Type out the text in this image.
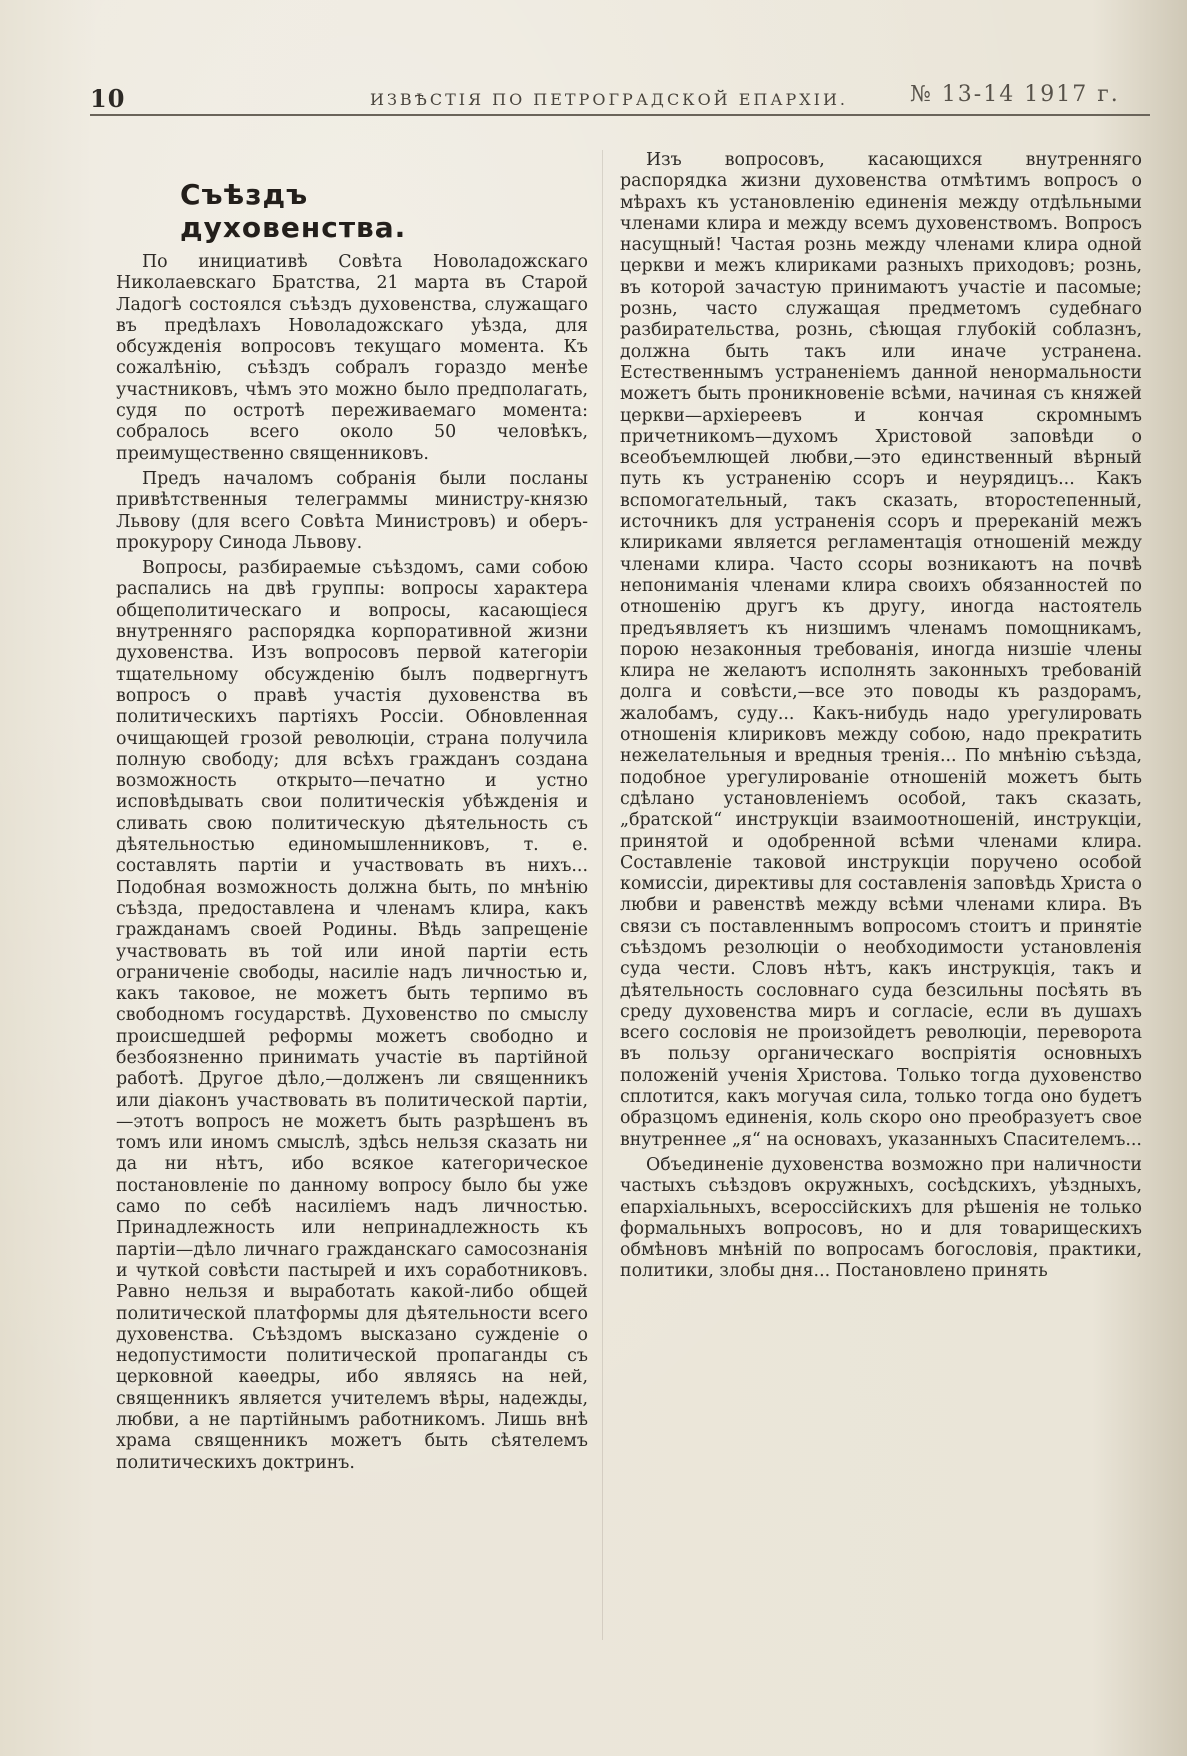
10	ИЗВѢСТІЯ ПО ПЕТРОГРАДСКОЙ ЕПАРХІИ.	№ 13-14 1917 г.
Съѣздъ духовенства.

По инициативѣ Совѣта Новоладожскаго Николаевскаго Братства, 21 марта въ Старой Ладогѣ состоялся съѣздъ духовенства, служащаго въ предѣлахъ Новоладожскаго уѣзда, для обсужденія вопросовъ текущаго момента. Къ сожалѣнію, съѣздъ собралъ гораздо менѣе участниковъ, чѣмъ это можно было предполагать, судя по остротѣ переживаемаго момента: собралось всего около 50 человѣкъ, преимущественно священниковъ.

Предъ началомъ собранія были посланы привѣтственныя телеграммы министру-князю Львову (для всего Совѣта Министровъ) и оберъ-прокурору Синода Львову.

Вопросы, разбираемые съѣздомъ, сами собою распались на двѣ группы: вопросы характера общеполитическаго и вопросы, касающіеся внутренняго распорядка корпоративной жизни духовенства. Изъ вопросовъ первой категоріи тщательному обсужденію былъ подвергнутъ вопросъ о правѣ участія духовенства въ политическихъ партіяхъ Россіи. Обновленная очищающей грозой революціи, страна получила полную свободу; для всѣхъ гражданъ создана возможность открыто—печатно и устно исповѣдывать свои политическія убѣжденія и сливать свою политическую дѣятельность съ дѣятельностью единомышленниковъ, т. е. составлять партіи и участвовать въ нихъ... Подобная возможность должна быть, по мнѣнію съѣзда, предоставлена и членамъ клира, какъ гражданамъ своей Родины. Вѣдь запрещеніе участвовать въ той или иной партіи есть ограниченіе свободы, насиліе надъ личностью и, какъ таковое, не можетъ быть терпимо въ свободномъ государствѣ. Духовенство по смыслу происшедшей реформы можетъ свободно и безбоязненно принимать участіе въ партійной работѣ. Другое дѣло,—долженъ ли священникъ или діаконъ участвовать въ политической партіи,—этотъ вопросъ не можетъ быть разрѣшенъ въ томъ или иномъ смыслѣ, здѣсь нельзя сказать ни да ни нѣтъ, ибо всякое категорическое постановленіе по данному вопросу было бы уже само по себѣ насиліемъ надъ личностью. Принадлежность или непринадлежность къ партіи—дѣло личнаго гражданскаго самосознанія и чуткой совѣсти пастырей и ихъ соработниковъ. Равно нельзя и выработать какой-либо общей политической платформы для дѣятельности всего духовенства. Съѣздомъ высказано сужденіе о недопустимости политической пропаганды съ церковной каѳедры, ибо являясь на ней, священникъ является учителемъ вѣры, надежды, любви, а не партійнымъ работникомъ. Лишь внѣ храма священникъ можетъ быть сѣятелемъ политическихъ доктринъ.

Изъ вопросовъ, касающихся внутренняго распорядка жизни духовенства отмѣтимъ вопросъ о мѣрахъ къ установленію единенія между отдѣльными членами клира и между всемъ духовенствомъ. Вопросъ насущный! Частая рознь между членами клира одной церкви и межъ клириками разныхъ приходовъ; рознь, въ которой зачастую принимаютъ участіе и пасомые; рознь, часто служащая предметомъ судебнаго разбирательства, рознь, сѣющая глубокій соблазнъ, должна быть такъ или иначе устранена. Естественнымъ устраненіемъ данной ненормальности можетъ быть проникновеніе всѣми, начиная съ княжей церкви—архіереевъ и кончая скромнымъ причетникомъ—духомъ Христовой заповѣди о всеобъемлющей любви,—это единственный вѣрный путь къ устраненію ссоръ и неурядицъ... Какъ вспомогательный, такъ сказать, второстепенный, источникъ для устраненія ссоръ и пререканій межъ клириками является регламентація отношеній между членами клира. Часто ссоры возникаютъ на почвѣ непониманія членами клира своихъ обязанностей по отношенію другъ къ другу, иногда настоятель предъявляетъ къ низшимъ членамъ помощникамъ, порою незаконныя требованія, иногда низшіе члены клира не желаютъ исполнять законныхъ требованій долга и совѣсти,—все это поводы къ раздорамъ, жалобамъ, суду... Какъ-нибудь надо урегулировать отношенія клириковъ между собою, надо прекратить нежелательныя и вредныя тренія... По мнѣнію съѣзда, подобное урегулированіе отношеній можетъ быть сдѣлано установленіемъ особой, такъ сказать, „братской“ инструкціи взаимоотношеній, инструкціи, принятой и одобренной всѣми членами клира. Составленіе таковой инструкціи поручено особой комиссіи, директивы для составленія заповѣдь Христа о любви и равенствѣ между всѣми членами клира. Въ связи съ поставленнымъ вопросомъ стоитъ и принятіе съѣздомъ резолюціи о необходимости установленія суда чести. Словъ нѣтъ, какъ инструкція, такъ и дѣятельность сословнаго суда безсильны посѣять въ среду духовенства миръ и согласіе, если въ душахъ всего сословія не произойдетъ революціи, переворота въ пользу органическаго воспріятія основныхъ положеній ученія Христова. Только тогда духовенство сплотится, какъ могучая сила, только тогда оно будетъ образцомъ единенія, коль скоро оно преобразуетъ свое внутреннее „я“ на основахъ, указанныхъ Спасителемъ...

Объединеніе духовенства возможно при наличности частыхъ съѣздовъ окружныхъ, сосѣдскихъ, уѣздныхъ, епархіальныхъ, всероссійскихъ для рѣшенія не только формальныхъ вопросовъ, но и для товарищескихъ обмѣновъ мнѣній по вопросамъ богословія, практики, политики, злобы дня... Постановлено принять
